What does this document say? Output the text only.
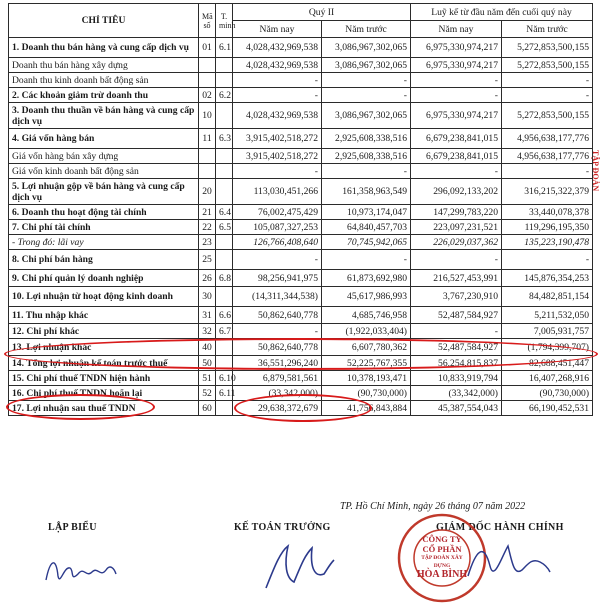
CHỈ TIÊU	Mã số	T. minh	Quý II		Luỹ kế từ đầu năm đến cuối quý này	
			Năm nay	Năm trước	Năm nay	Năm trước
1. Doanh thu bán hàng và cung cấp dịch vụ	01	6.1	4,028,432,969,538	3,086,967,302,065	6,975,330,974,217	5,272,853,500,155
Doanh thu bán hàng xây dựng			4,028,432,969,538	3,086,967,302,065	6,975,330,974,217	5,272,853,500,155
Doanh thu kinh doanh bất động sản			-	-	-	-
2. Các khoản giảm trừ doanh thu	02	6.2	-	-	-	-
3. Doanh thu thuần về bán hàng và cung cấp dịch vụ	10		4,028,432,969,538	3,086,967,302,065	6,975,330,974,217	5,272,853,500,155
4. Giá vốn hàng bán	11	6.3	3,915,402,518,272	2,925,608,338,516	6,679,238,841,015	4,956,638,177,776
Giá vốn hàng bán xây dựng			3,915,402,518,272	2,925,608,338,516	6,679,238,841,015	4,956,638,177,776
Giá vốn kinh doanh bất động sản			-	-	-	-
5. Lợi nhuận gộp về bán hàng và cung cấp dịch vụ	20		113,030,451,266	161,358,963,549	296,092,133,202	316,215,322,379
6. Doanh thu hoạt động tài chính	21	6.4	76,002,475,429	10,973,174,047	147,299,783,220	33,440,078,378
7. Chi phí tài chính	22	6.5	105,087,327,253	64,840,457,703	223,097,231,521	119,296,195,350
- Trong đó: lãi vay	23		126,766,408,640	70,745,942,065	226,029,037,362	135,223,190,478
8. Chi phí bán hàng	25		-	-	-	-
9. Chi phí quản lý doanh nghiệp	26	6.8	98,256,941,975	61,873,692,980	216,527,453,991	145,876,354,253
10. Lợi nhuận từ hoạt động kinh doanh	30		(14,311,344,538)	45,617,986,993	3,767,230,910	84,482,851,154
11. Thu nhập khác	31	6.6	50,862,640,778	4,685,746,958	52,487,584,927	5,211,532,050
12. Chi phí khác	32	6.7	-	(1,922,033,404)	-	7,005,931,757
13. Lợi nhuận khác	40		50,862,640,778	6,607,780,362	52,487,584,927	(1,794,399,707)
14. Tổng lợi nhuận kế toán trước thuế	50		36,551,296,240	52,225,767,355	56,254,815,837	82,688,451,447
15. Chi phí thuế TNDN hiện hành	51	6.10	6,879,581,561	10,378,193,471	10,833,919,794	16,407,268,916
16. Chi phí thuế TNDN hoãn lại	52	6.11	(33,342,000)	(90,730,000)	(33,342,000)	(90,730,000)
17. Lợi nhuận sau thuế TNDN	60		29,638,372,679	41,756,843,884	45,387,554,043	66,190,452,531
TẬP ĐOÀN
TP. Hồ Chí Minh, ngày 26 tháng 07 năm 2022
LẬP BIỂU	KẾ TOÁN TRƯỞNG	GIÁM ĐỐC HÀNH CHÍNH
CÔNG TY
CỔ PHẦN
TẬP ĐOÀN XÂY DỰNG
HÒA BÌNH
